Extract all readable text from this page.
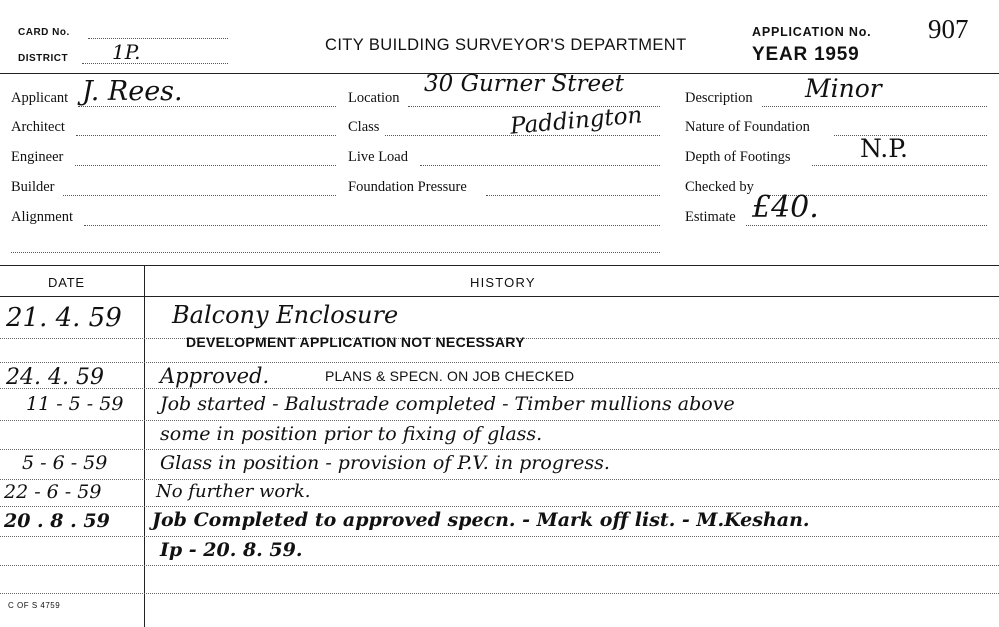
CARD No.
DISTRICT 1P.	CITY BUILDING SURVEYOR'S DEPARTMENT
APPLICATION No. 907
YEAR 1959
Applicant J. Rees.
Architect
Engineer
Builder
Alignment
Location
30 Gurner Street
Class	Paddington
Live Load
Foundation Pressure
Description Minor
Nature of Foundation
Depth of Footings	N.P.
Checked by
Estimate £40.
DATE	HISTORY
21. 4. 59 Balcony Enclosure
DEVELOPMENT APPLICATION NOT NECESSARY
24. 4. 59	Approved.	PLANS & SPECN. ON JOB CHECKED
11 - 5 - 59 Job started - Balustrade completed - Timber mullions above
some in position prior to fixing of glass.
5 - 6 - 59	Glass in position - provision of P.V. in progress.
22 - 6 - 59	No further work.
20 . 8 . 59 Job Completed to approved specn. - Mark off list. - M.Keshan.
Ip - 20. 8. 59.
C OF S 4759
